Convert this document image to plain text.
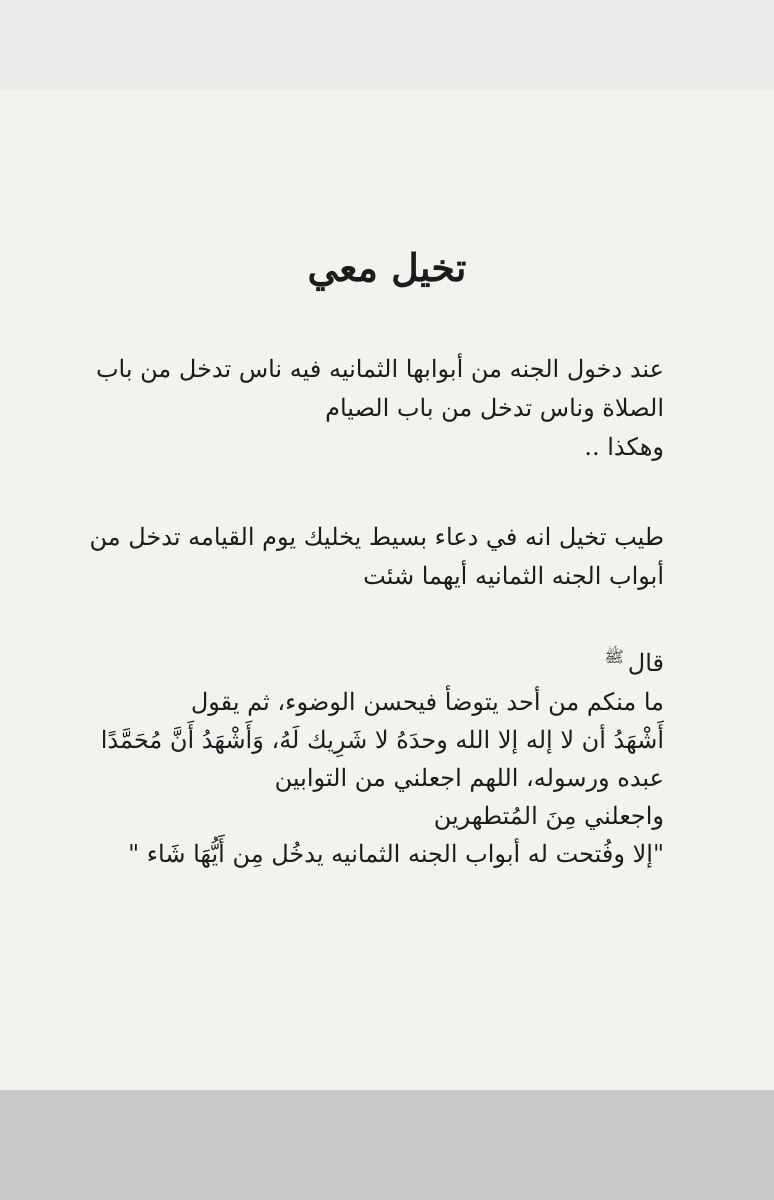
تخيل معي
عند دخول الجنه من أبوابها الثمانيه فيه ناس تدخل من باب
الصلاة وناس تدخل من باب الصيام
وهكذا ..
طيب تخيل انه في دعاء بسيط يخليك يوم القيامه تدخل من
أبواب الجنه الثمانيه أيهما شئت
قال$^ﷺ$
ما منكم من أحد يتوضأ فيحسن الوضوء، ثم يقول
أَشْهَدُ أن لا إله إلا الله وحدَهُ لا شَرِيك لَهُ، وَأَشْهَدُ أَنَّ مُحَمَّدًا
عبده ورسوله، اللهم اجعلني من التوابين
واجعلني مِنَ المُتطهرين
"إلا وفُتحت له أبواب الجنه الثمانيه يدخُل مِن أَيُّهَا شَاء "
